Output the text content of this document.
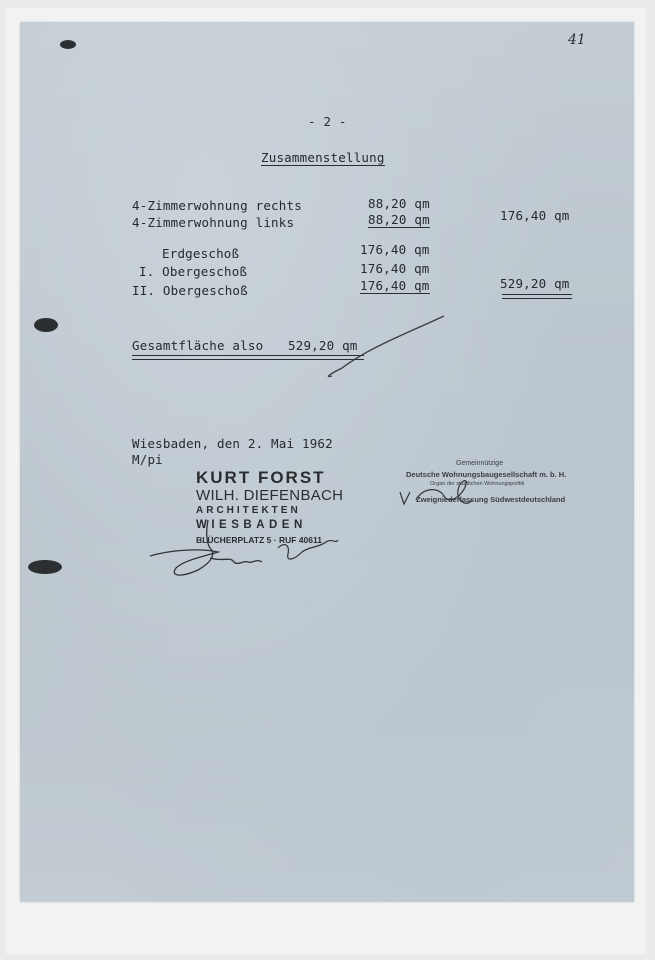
41
- 2 -
Zusammenstellung
4-Zimmerwohnung rechts	88,20 qm
4-Zimmerwohnung links	88,20 qm	176,40 qm
Erdgeschoß	176,40 qm
I. Obergeschoß	176,40 qm
II. Obergeschoß	176,40 qm	529,20 qm
Gesamtfläche also 529,20 qm
Wiesbaden, den 2. Mai 1962
M/pi
KURT FORST
WILH. DIEFENBACH
ARCHITEKTEN
WIESBADEN
BLÜCHERPLATZ 5 · RUF 40611
Gemeinnützige
Deutsche Wohnungsbaugesellschaft m. b. H.
Organ der staatlichen Wohnungspolitik
Zweigniederlassung Südwestdeutschland
